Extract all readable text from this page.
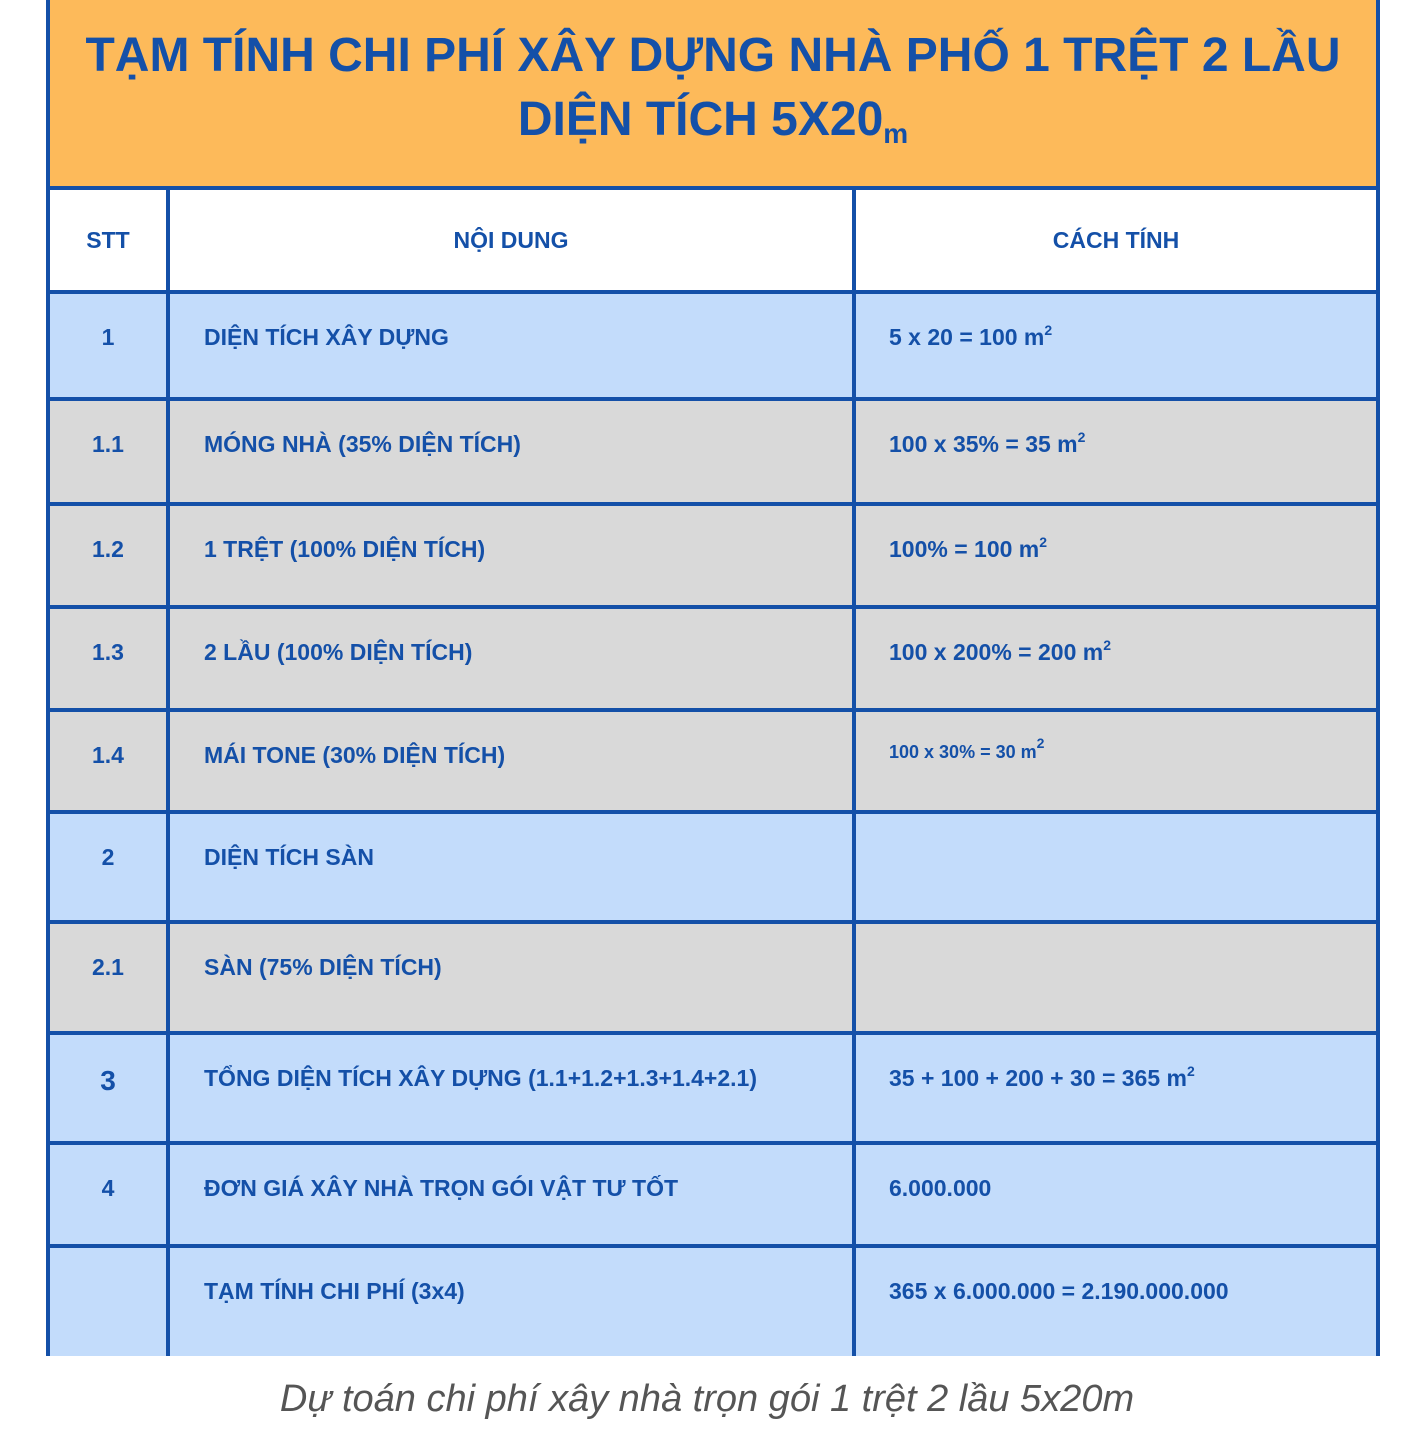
TẠM TÍNH CHI PHÍ XÂY DỰNG NHÀ PHỐ 1 TRỆT 2 LẦU
DIỆN TÍCH 5X20m
STT	NỘI DUNG	CÁCH TÍNH

1	DIỆN TÍCH XÂY DỰNG	5 x 20 = 100 $m^2$

1.1	MÓNG NHÀ (35% DIỆN TÍCH)	100 x 35% = 35 $m^2$

1.2	1 TRỆT (100% DIỆN TÍCH)	100% = 100 $m^2$

1.3	2 LẦU (100% DIỆN TÍCH)	100 x 200% = 200 $m^2$

1.4	MÁI TONE (30% DIỆN TÍCH)	100 x 30% = 30 $m^2$

2	DIỆN TÍCH SÀN	

2.1	SÀN (75% DIỆN TÍCH)	

3	TỔNG DIỆN TÍCH XÂY DỰNG (1.1+1.2+1.3+1.4+2.1)	35 + 100 + 200 + 30 = 365 $m^2$

4	ĐƠN GIÁ XÂY NHÀ TRỌN GÓI VẬT TƯ TỐT	6.000.000

	TẠM TÍNH CHI PHÍ (3x4)	365 x 6.000.000 = 2.190.000.000
Dự toán chi phí xây nhà trọn gói 1 trệt 2 lầu 5x20m
